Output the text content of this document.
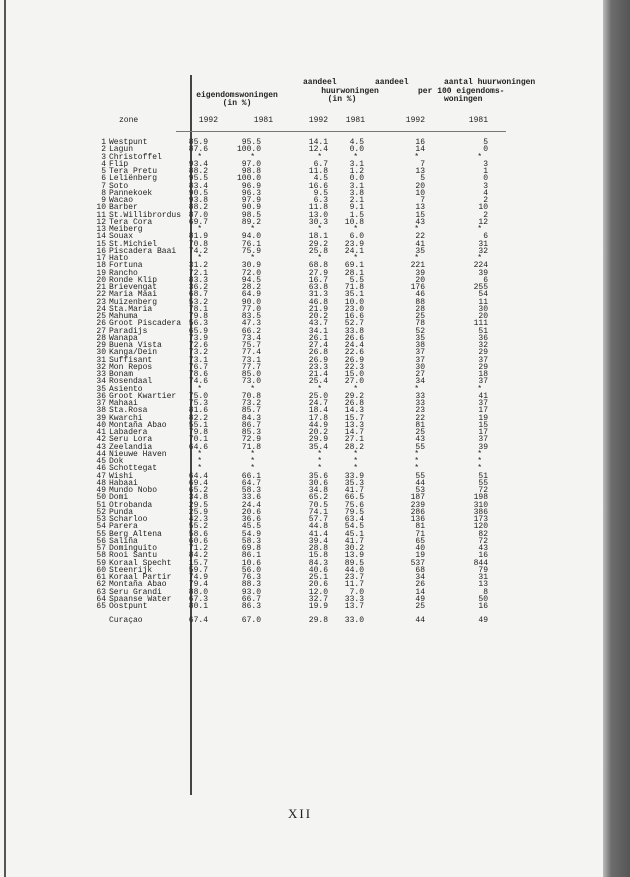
eigendomswoningen
(in %)
aandeel
huurwoningen
(in %)
aandeel	aantal huurwoningen
per 100 eigendoms-
woningen
zone	1992	1981	1992	1981	1992	1981
1 Westpunt	85.9	95.5	14.1	4.5	16	5
2 Lagun	87.6	100.0	12.4	0.0	14	0
3 Christoffel	*	*	*	*	*	*
4 Flip	93.4	97.0	6.7	3.1	7	3
5 Tera Pretu	88.2	98.8	11.8	1.2	13	1
6 Leliënberg	95.5	100.0	4.5	0.0	5	0
7 Soto	83.4	96.9	16.6	3.1	20	3
8 Pannekoek	90.5	96.3	9.5	3.8	10	4
9 Wacao	93.8	97.9	6.3	2.1	7	2
10 Barber	88.2	90.9	11.8	9.1	13	10
11 St.Willibrordus 87.0	98.5	13.0	1.5	15	2
12 Tera Cora	69.7	89.2	30.3	10.8	43	12
13 Meiberg	*	*	*	*	*	*
14 Souax	81.9	94.0	18.1	6.0	22	6
15 St.Michiel	70.8	76.1	29.2	23.9	41	31
16 Piscadera Baai	74.2	75.9	25.8	24.1	35	32
17 Hato	*	*	*	*	*	*
18 Fortuna	31.2	30.9	68.8	69.1	221	224
19 Rancho	72.1	72.0	27.9	28.1	39	39
20 Ronde Klip	83.3	94.5	16.7	5.5	20	6
21 Brievengat	36.2	28.2	63.8	71.8	176	255
22 Maria Maai	68.7	64.9	31.3	35.1	46	54
23 Muizenberg	53.2	90.0	46.8	10.0	88	11
24 Sta.Maria	78.1	77.0	21.9	23.0	28	30
25 Mahuma	79.8	83.5	20.2	16.6	25	20
26 Groot Piscadera 56.3	47.3	43.7	52.7	78	111
27 Paradijs	65.9	66.2	34.1	33.8	52	51
28 Wanapa	73.9	73.4	26.1	26.6	35	36
29 Buena Vista	72.6	75.7	27.4	24.4	38	32
30 Kanga/Dein	73.2	77.4	26.8	22.6	37	29
31 Suffisant	73.1	73.1	26.9	26.9	37	37
32 Mon Repos	76.7	77.7	23.3	22.3	30	29
33 Bonam	78.6	85.0	21.4	15.0	27	18
34 Rosendaal	74.6	73.0	25.4	27.0	34	37
35 Asiento	*	*	*	*	*	*
36 Groot Kwartier	75.0	70.8	25.0	29.2	33	41
37 Mahaai	75.3	73.2	24.7	26.8	33	37
38 Sta.Rosa	81.6	85.7	18.4	14.3	23	17
39 Kwarchi	82.2	84.3	17.8	15.7	22	19
40 Montaña Abao	55.1	86.7	44.9	13.3	81	15
41 Labadera	79.8	85.3	20.2	14.7	25	17
42 Seru Lora	70.1	72.9	29.9	27.1	43	37
43 Zeelandia	64.6	71.8	35.4	28.2	55	39
44 Nieuwe Haven	*	*	*	*	*	*
45 Dok	*	*	*	*	*	*
46 Schottegat	*	*	*	*	*	*
47 Wishi	64.4	66.1	35.6	33.9	55	51
48 Habaai	69.4	64.7	30.6	35.3	44	55
49 Mundo Nobo	65.2	58.3	34.8	41.7	53	72
50 Domi	34.8	33.6	65.2	66.5	187	198
51 Otrobanda	29.5	24.4	70.5	75.6	239	310
52 Punda	25.9	20.6	74.1	79.5	286	386
53 Scharloo	42.3	36.6	57.7	63.4	136	173
54 Parera	55.2	45.5	44.8	54.5	81	120
55 Berg Altena	58.6	54.9	41.4	45.1	71	82
56 Saliña	60.6	58.3	39.4	41.7	65	72
57 Dominguito	71.2	69.8	28.8	30.2	40	43
58 Rooi Santu	84.2	86.1	15.8	13.9	19	16
59 Koraal Specht	15.7	10.6	84.3	89.5	537	844
60 Steenrijk	59.7	56.0	40.6	44.0	68	79
61 Koraal Partir	74.9	76.3	25.1	23.7	34	31
62 Montaña Abao	79.4	88.3	20.6	11.7	26	13
63 Seru Grandi	88.0	93.0	12.0	7.0	14	8
64 Spaanse Water	67.3	66.7	32.7	33.3	49	50
65 Oostpunt	80.1	86.3	19.9	13.7	25	16
Curaçao	67.4	67.0	29.8	33.0	44	49
XII
